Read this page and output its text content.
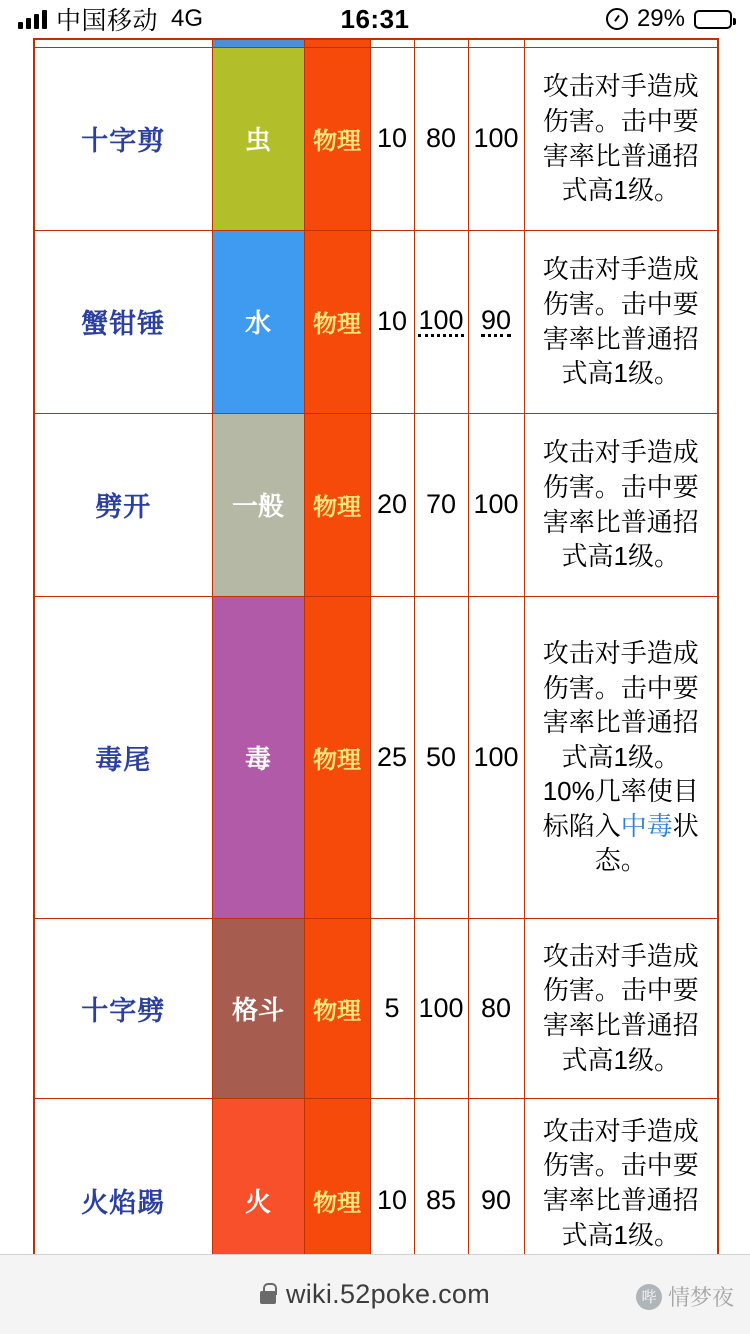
中国移动 4G	16:31	29%

十字剪	虫	物理	10	80	100	攻击对手造成
伤害。击中要
害率比普通招
式高1级。

蟹钳锤	水	物理	10	100	90	攻击对手造成
伤害。击中要
害率比普通招
式高1级。

劈开	一般	物理	20	70	100	攻击对手造成
伤害。击中要
害率比普通招
式高1级。

毒尾	毒	物理	25	50	100	
攻击对手造成
伤害。击中要
害率比普通招
式高1级。
10%几率使目
标陷入中毒状
态。

十字劈	格斗	物理	5	100	80	攻击对手造成
伤害。击中要
害率比普通招
式高1级。

火焰踢	火	物理	10	85	90	攻击对手造成
伤害。击中要
害率比普通招
式高1级。
wiki.52poke.com	哔 情梦夜
